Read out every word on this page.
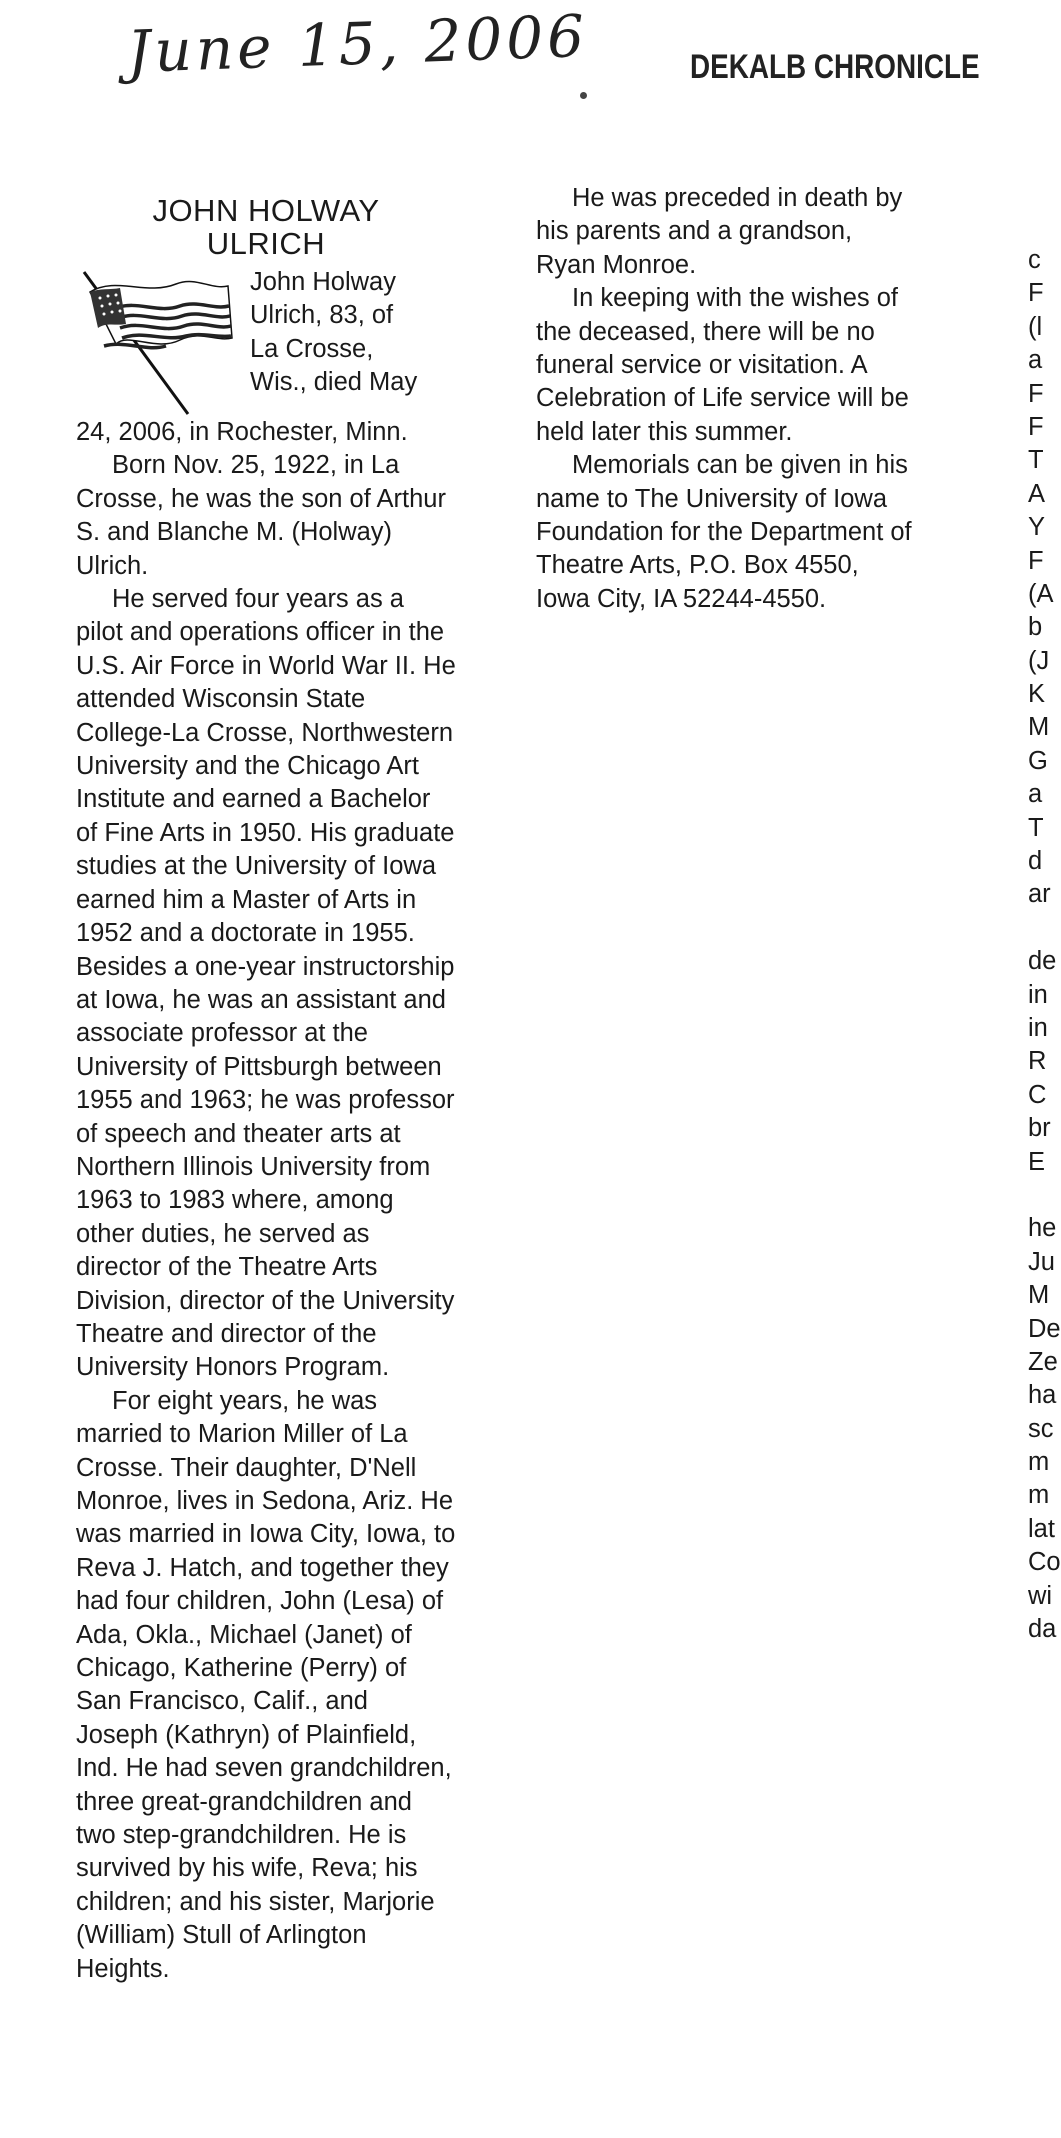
June 15, 2006	DEKALB CHRONICLE
JOHN HOLWAY
ULRICH

John Holway
Ulrich, 83, of
La Crosse,
Wis., died May
24, 2006, in Rochester, Minn.

Born Nov. 25, 1922, in La Crosse, he was the son of Arthur S. and Blanche M. (Holway) Ulrich.

He served four years as a pilot and operations officer in the U.S. Air Force in World War II. He attended Wisconsin State College-La Crosse, Northwestern University and the Chicago Art Institute and earned a Bachelor of Fine Arts in 1950. His graduate studies at the University of Iowa earned him a Master of Arts in 1952 and a doctorate in 1955. Besides a one-year instructorship at Iowa, he was an assistant and associate professor at the University of Pittsburgh between 1955 and 1963; he was professor of speech and theater arts at Northern Illinois University from 1963 to 1983 where, among other duties, he served as director of the Theatre Arts Division, director of the University Theatre and director of the University Honors Program.

For eight years, he was married to Marion Miller of La Crosse. Their daughter, D'Nell Monroe, lives in Sedona, Ariz. He was married in Iowa City, Iowa, to Reva J. Hatch, and together they had four children, John (Lesa) of Ada, Okla., Michael (Janet) of Chicago, Katherine (Perry) of San Francisco, Calif., and Joseph (Kathryn) of Plainfield, Ind. He had seven grandchildren, three great-grandchildren and two step-grandchildren. He is survived by his wife, Reva; his children; and his sister, Marjorie (William) Stull of Arlington Heights.

He was preceded in death by his parents and a grandson, Ryan Monroe.

In keeping with the wishes of the deceased, there will be no funeral service or visitation. A Celebration of Life service will be held later this summer.

Memorials can be given in his name to The University of Iowa Foundation for the Department of Theatre Arts, P.O. Box 4550, Iowa City, IA 52244-4550.

c
F
(l
a
F
F
T
A
Y
F
(A
b
(J
K
M
G
a
T
d
ar
de
in
in
R
C
br
E
he
Ju
M
De
Ze
ha
sc
m
m
lat
Co
wi
da
